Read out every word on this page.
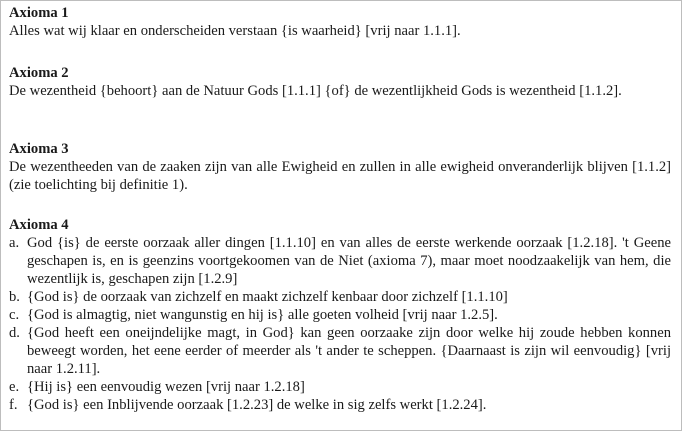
Axioma 1
Alles wat wij klaar en onderscheiden verstaan {is waarheid} [vrij naar 1.1.1].
Axioma 2
De wezentheid {behoort} aan de Natuur Gods [1.1.1] {of} de wezentlijkheid Gods is wezentheid [1.1.2].
Axioma 3
De wezentheeden van de zaaken zijn van alle Ewigheid en zullen in alle ewigheid onveranderlijk blijven [1.1.2] (zie toelichting bij definitie 1).
Axioma 4
a. God {is} de eerste oorzaak aller dingen [1.1.10] en van alles de eerste werkende oorzaak [1.2.18]. 't Geene geschapen is, en is geenzins voortgekoomen van de Niet (axioma 7), maar moet noodzaakelijk van hem, die wezentlijk is, geschapen zijn [1.2.9]
b. {God is} de oorzaak van zichzelf en maakt zichzelf kenbaar door zichzelf [1.1.10]
c. {God is almagtig, niet wangunstig en hij is} alle goeten volheid [vrij naar 1.2.5].
d. {God heeft een oneijndelijke magt, in God} kan geen oorzaake zijn door welke hij zoude hebben konnen beweegt worden, het eene eerder of meerder als 't ander te scheppen. {Daarnaast is zijn wil eenvoudig} [vrij naar 1.2.11].
e. {Hij is} een eenvoudig wezen [vrij naar 1.2.18]
f. {God is} een Inblijvende oorzaak [1.2.23] de welke in sig zelfs werkt [1.2.24].
